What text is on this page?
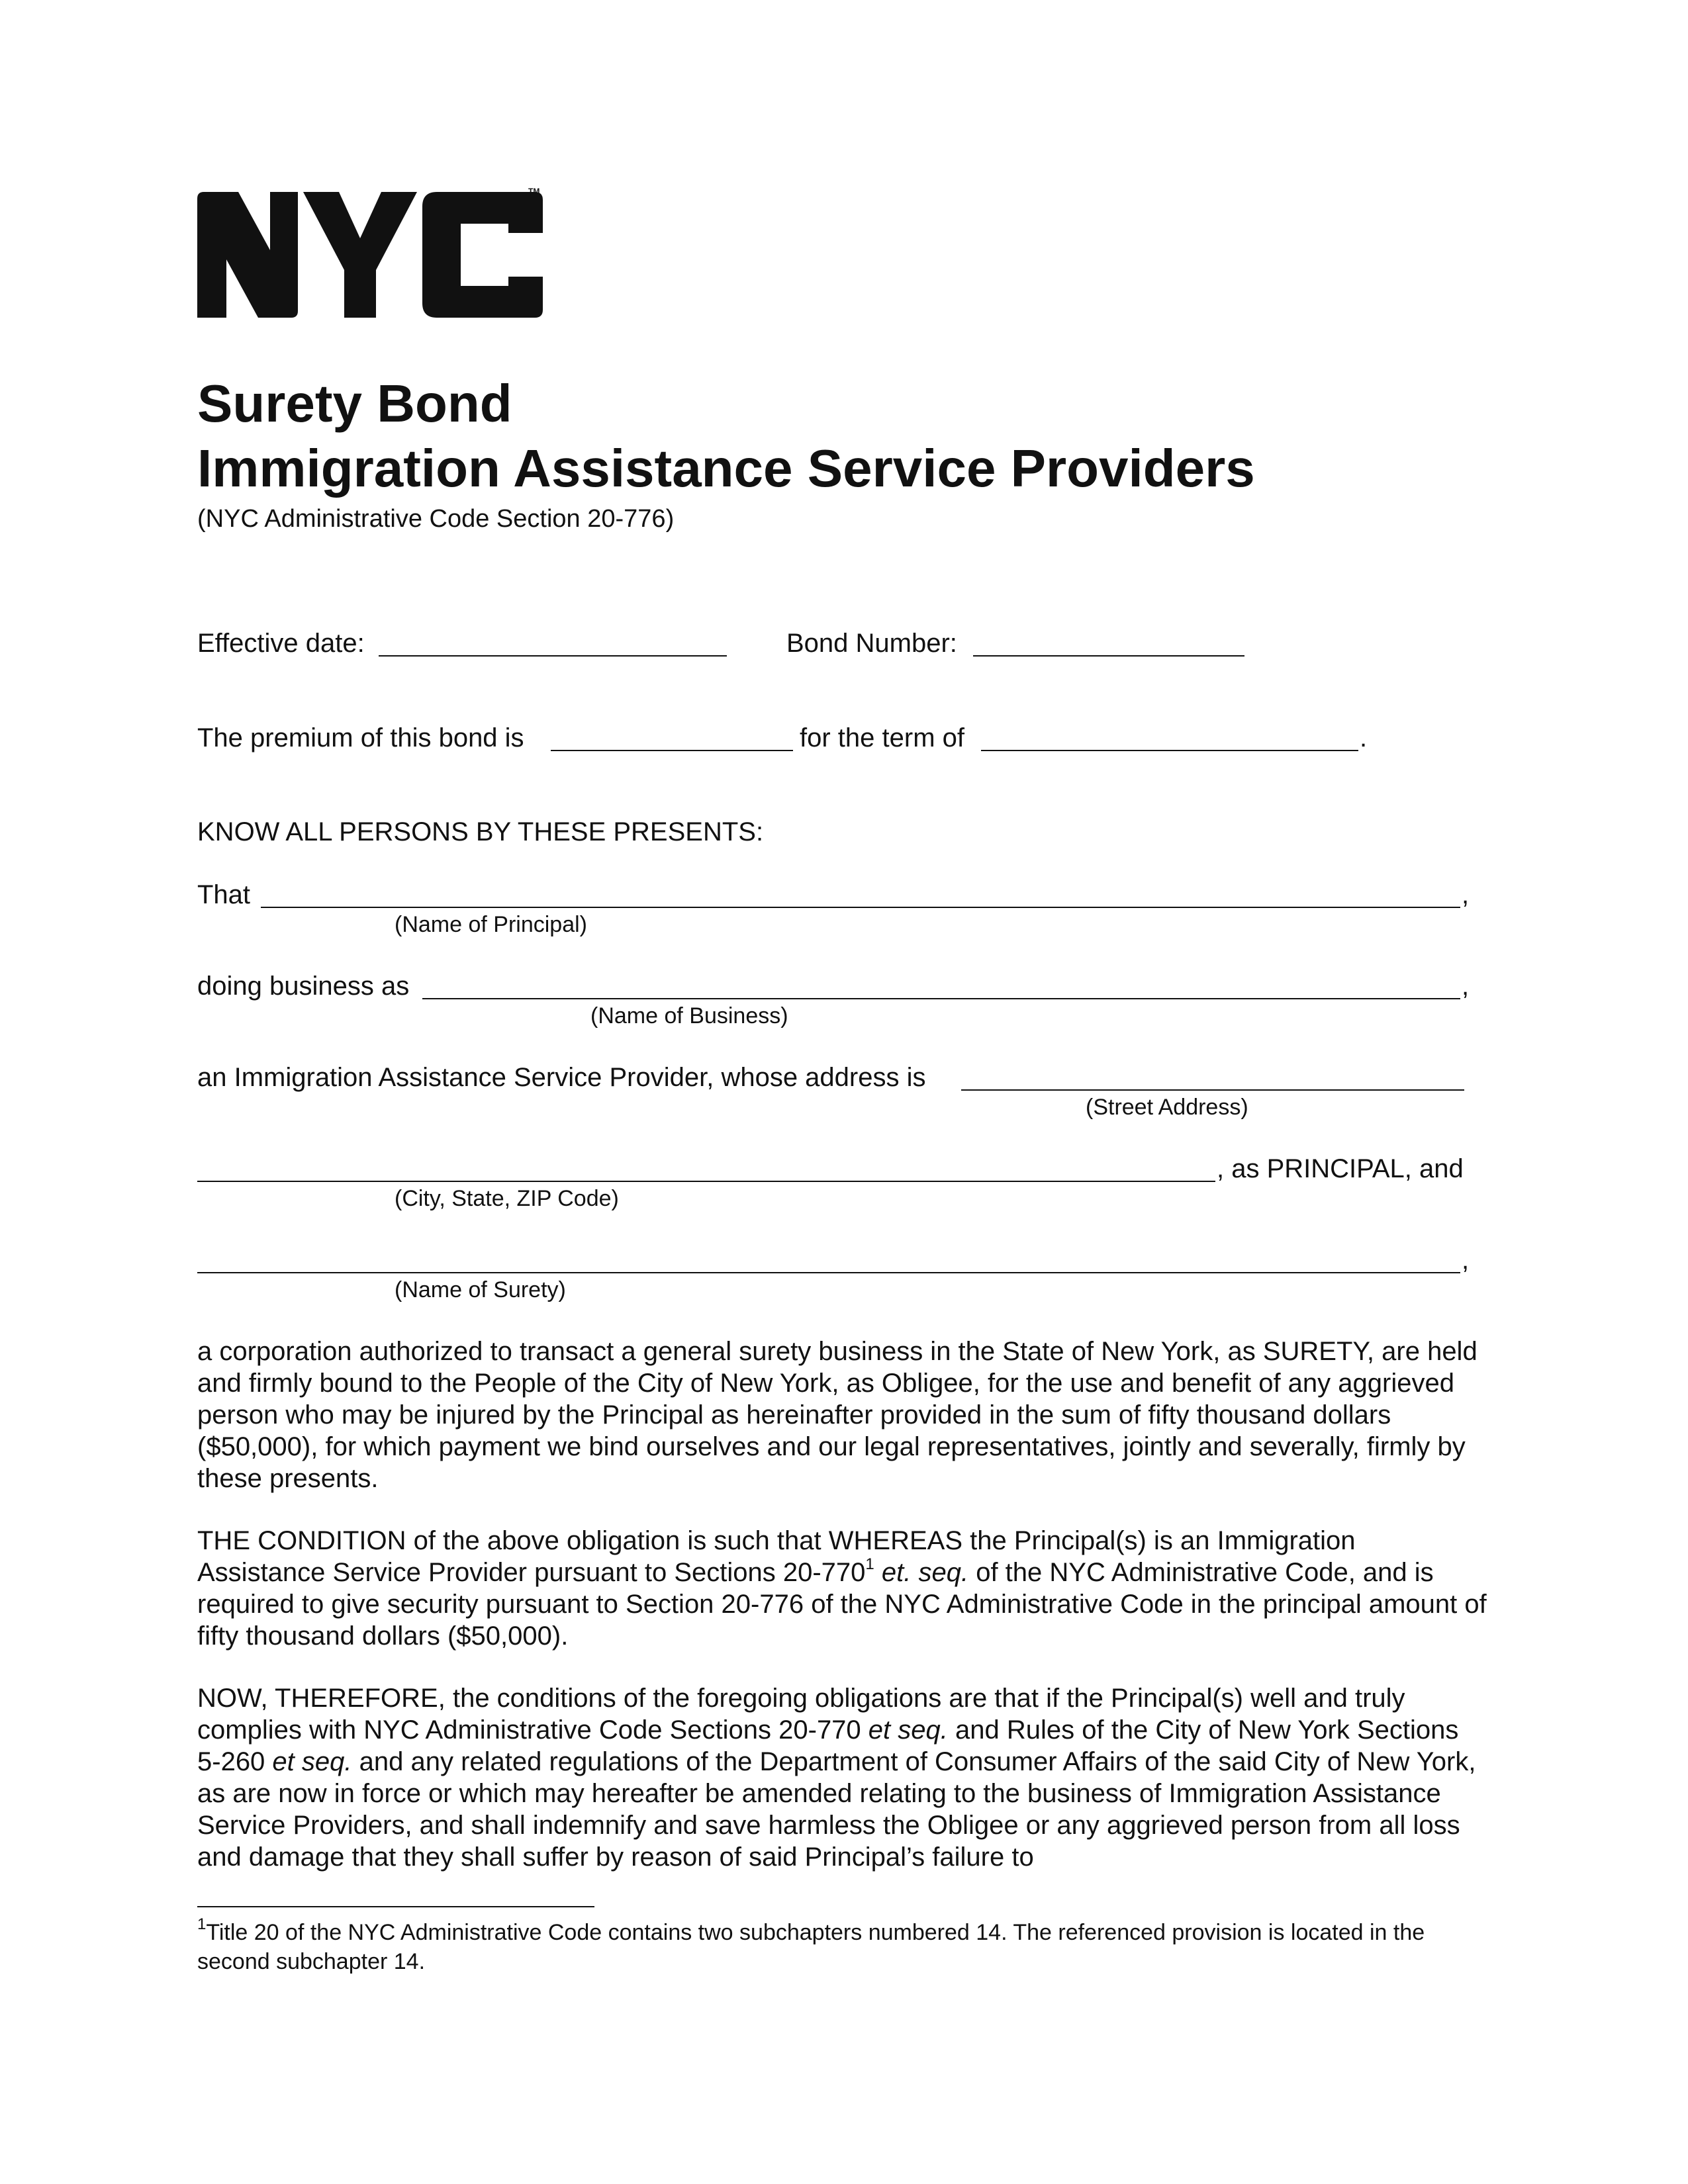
TM
Surety Bond
Immigration Assistance Service Providers
(NYC Administrative Code Section 20-776)
Effective date:	Bond Number:
The premium of this bond is	for the term of	.
KNOW ALL PERSONS BY THESE PRESENTS:
That	,
(Name of Principal)
doing business as	,
(Name of Business)
an Immigration Assistance Service Provider, whose address is
(Street Address)
, as PRINCIPAL, and
(City, State, ZIP Code)
,
(Name of Surety)

a corporation authorized to transact a general surety business in the State of New York, as SURETY, are held and firmly bound to the People of the City of New York, as Obligee, for the use and benefit of any aggrieved person who may be injured by the Principal as hereinafter provided in the sum of fifty thousand dollars ($50,000), for which payment we bind ourselves and our legal representatives, jointly and severally, firmly by these presents.

THE CONDITION of the above obligation is such that WHEREAS the Principal(s) is an Immigration Assistance Service Provider pursuant to Sections $20-770^1$ et. seq. of the NYC Administrative Code, and is required to give security pursuant to Section 20-776 of the NYC Administrative Code in the principal amount of fifty thousand dollars ($50,000).

NOW, THEREFORE, the conditions of the foregoing obligations are that if the Principal(s) well and truly complies with NYC Administrative Code Sections 20-770 et seq. and Rules of the City of New York Sections 5-260 et seq. and any related regulations of the Department of Consumer Affairs of the said City of New York, as are now in force or which may hereafter be amended relating to the business of Immigration Assistance Service Providers, and shall indemnify and save harmless the Obligee or any aggrieved person from all loss and damage that they shall suffer by reason of said Principal’s failure to

$^1$Title 20 of the NYC Administrative Code contains two subchapters numbered 14. The referenced provision is located in the second subchapter 14.
